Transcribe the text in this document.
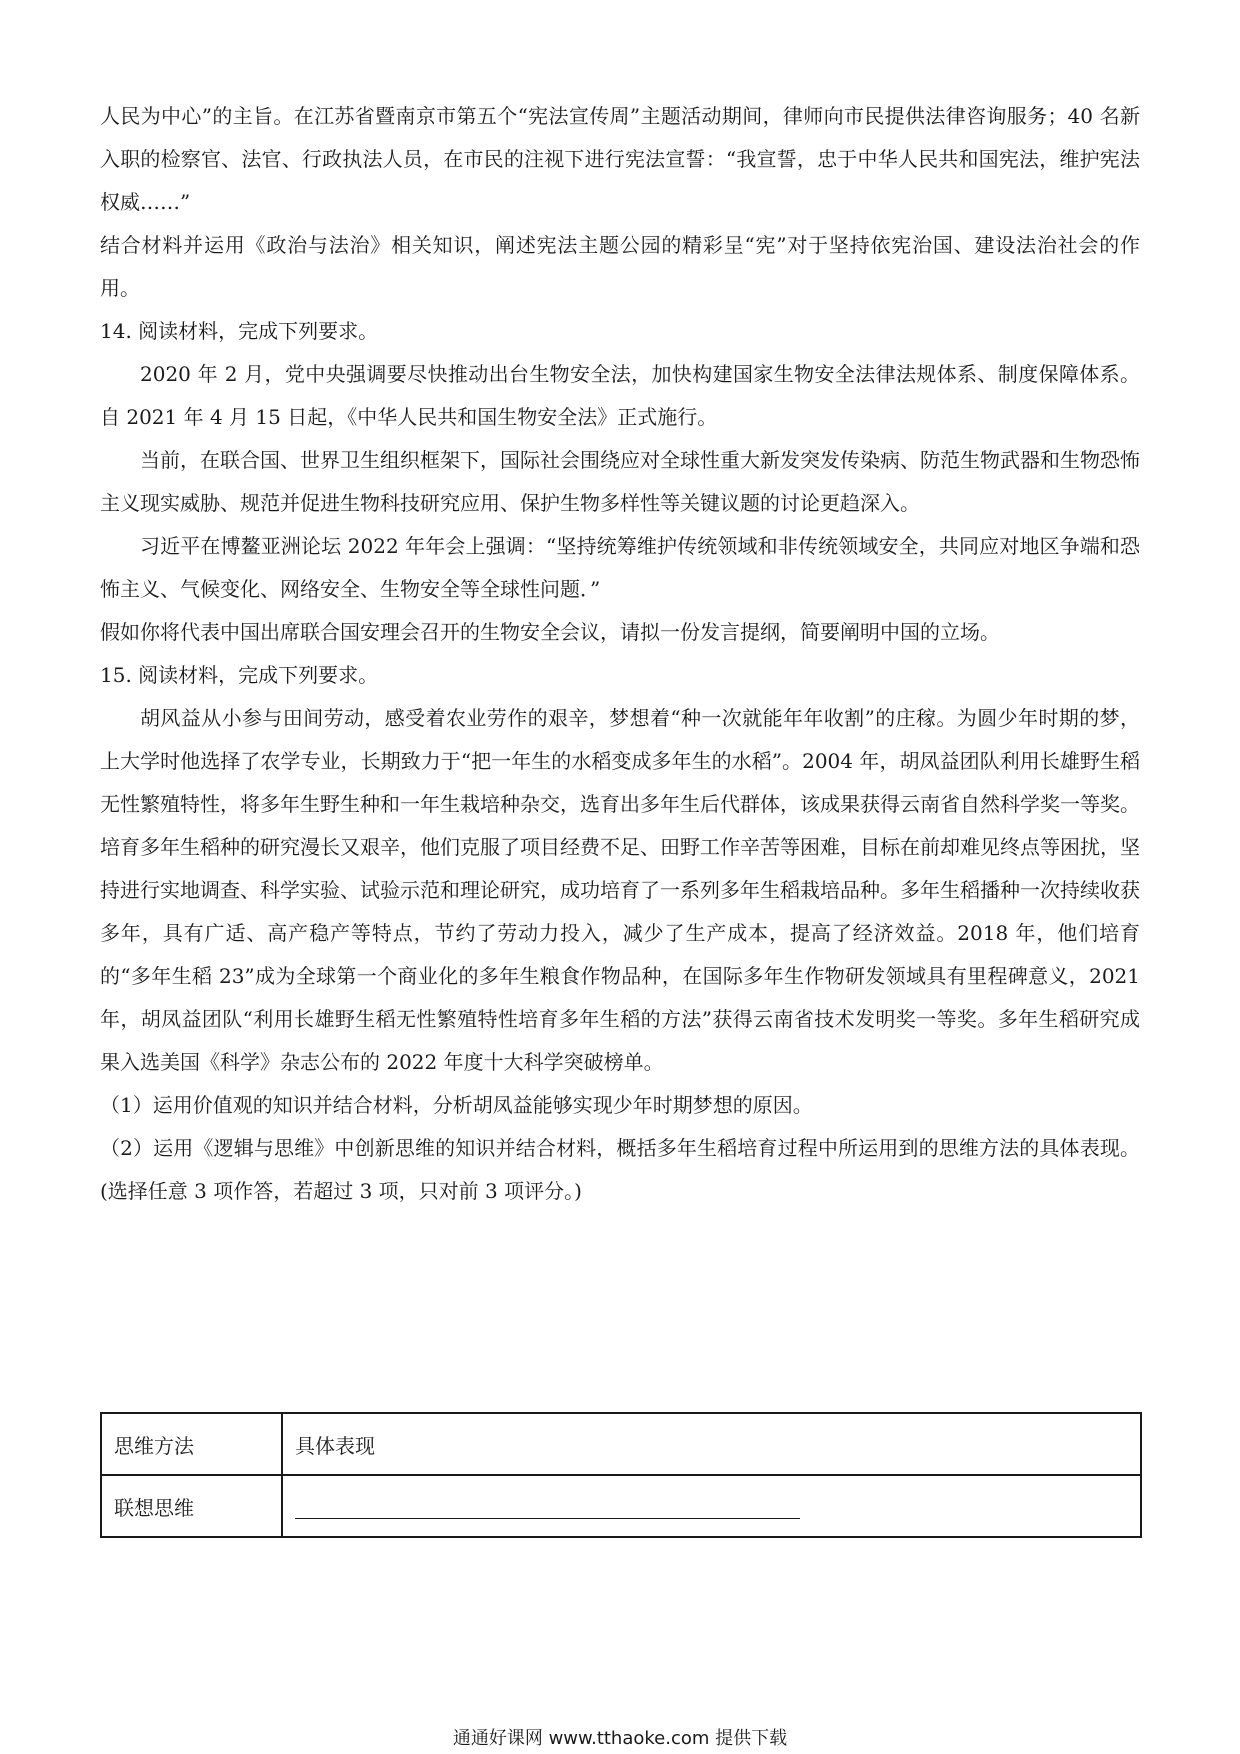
人民为中心”的主旨。在江苏省暨南京市第五个“宪法宣传周”主题活动期间，律师向市民提供法律咨询服务；40 名新入职的检察官、法官、行政执法人员，在市民的注视下进行宪法宣誓：“我宣誓，忠于中华人民共和国宪法，维护宪法权威……”

结合材料并运用《政治与法治》相关知识，阐述宪法主题公园的精彩呈“宪”对于坚持依宪治国、建设法治社会的作用。

14. 阅读材料，完成下列要求。

2020 年 2 月，党中央强调要尽快推动出台生物安全法，加快构建国家生物安全法律法规体系、制度保障体系。自 2021 年 4 月 15 日起，《中华人民共和国生物安全法》正式施行。

当前，在联合国、世界卫生组织框架下，国际社会围绕应对全球性重大新发突发传染病、防范生物武器和生物恐怖主义现实威胁、规范并促进生物科技研究应用、保护生物多样性等关键议题的讨论更趋深入。

习近平在博鳌亚洲论坛 2022 年年会上强调：“坚持统筹维护传统领域和非传统领域安全，共同应对地区争端和恐怖主义、气候变化、网络安全、生物安全等全球性问题．”

假如你将代表中国出席联合国安理会召开的生物安全会议，请拟一份发言提纲，简要阐明中国的立场。

15. 阅读材料，完成下列要求。

胡风益从小参与田间劳动，感受着农业劳作的艰辛，梦想着“种一次就能年年收割”的庄稼。为圆少年时期的梦，上大学时他选择了农学专业，长期致力于“把一年生的水稻变成多年生的水稻”。2004 年，胡凤益团队利用长雄野生稻无性繁殖特性，将多年生野生种和一年生栽培种杂交，选育出多年生后代群体，该成果获得云南省自然科学奖一等奖。培育多年生稻种的研究漫长又艰辛，他们克服了项目经费不足、田野工作辛苦等困难，目标在前却难见终点等困扰，坚持进行实地调查、科学实验、试验示范和理论研究，成功培育了一系列多年生稻栽培品种。多年生稻播种一次持续收获多年，具有广适、高产稳产等特点，节约了劳动力投入，减少了生产成本，提高了经济效益。2018 年，他们培育的“多年生稻 23”成为全球第一个商业化的多年生粮食作物品种，在国际多年生作物研发领域具有里程碑意义，2021 年，胡凤益团队“利用长雄野生稻无性繁殖特性培育多年生稻的方法”获得云南省技术发明奖一等奖。多年生稻研究成果入选美国《科学》杂志公布的 2022 年度十大科学突破榜单。

（1）运用价值观的知识并结合材料，分析胡凤益能够实现少年时期梦想的原因。

（2）运用《逻辑与思维》中创新思维的知识并结合材料，概括多年生稻培育过程中所运用到的思维方法的具体表现。(选择任意 3 项作答，若超过 3 项，只对前 3 项评分。)

思维方法	具体表现
联想思维	
通通好课网 www.tthaoke.com 提供下载
